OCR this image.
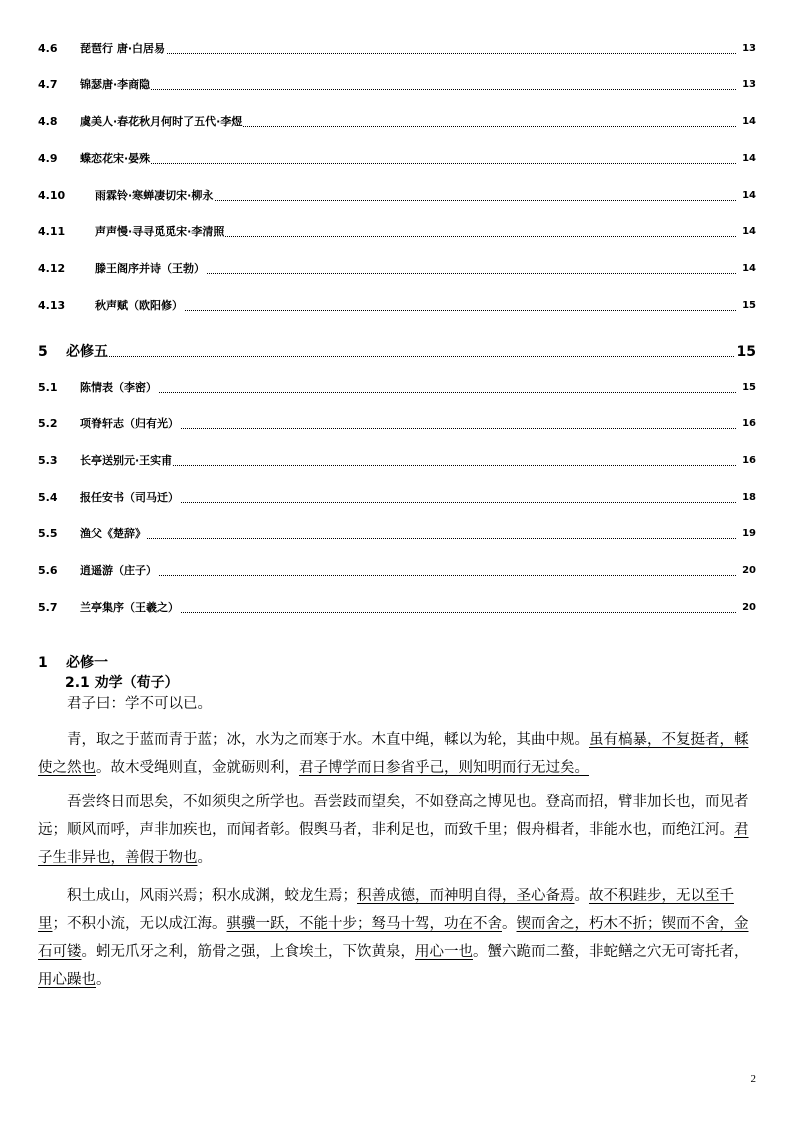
4.6 琵琶行 唐·白居易	13
4.7 锦瑟唐·李商隐	13
4.8 虞美人·春花秋月何时了五代·李煜	14
4.9 蝶恋花宋·晏殊	14
4.10	雨霖铃·寒蝉凄切宋·柳永	14
4.11	声声慢·寻寻觅觅宋·李清照	14
4.12	滕王阁序并诗（王勃）	14
4.13	秋声赋（欧阳修）	15
5 必修五	15
5.1 陈情表（李密）	15
5.2 项脊轩志（归有光）	16
5.3 长亭送别元·王实甫	16
5.4 报任安书（司马迁）	18
5.5 渔父《楚辞》	19
5.6 逍遥游（庄子）	20
5.7 兰亭集序（王羲之）	20
1 必修一
2.1 劝学（荀子）
君子曰：学不可以已。
青，取之于蓝而青于蓝；冰，水为之而寒于水。木直中绳，輮以为轮，其曲中规。虽有槁暴，不复挺者，輮使之然也。故木受绳则直，金就砺则利，君子博学而日参省乎己，则知明而行无过矣。
吾尝终日而思矣，不如须臾之所学也。吾尝跂而望矣，不如登高之博见也。登高而招，臂非加长也，而见者远；顺风而呼，声非加疾也，而闻者彰。假舆马者，非利足也，而致千里；假舟楫者，非能水也，而绝江河。君子生非异也，善假于物也。
积土成山，风雨兴焉；积水成渊，蛟龙生焉；积善成德，而神明自得，圣心备焉。故不积跬步，无以至千里；不积小流，无以成江海。骐骥一跃，不能十步；驽马十驾，功在不舍。锲而舍之，朽木不折；锲而不舍，金石可镂。蚓无爪牙之利，筋骨之强，上食埃土，下饮黄泉，用心一也。蟹六跪而二螯，非蛇鳝之穴无可寄托者，用心躁也。
2
